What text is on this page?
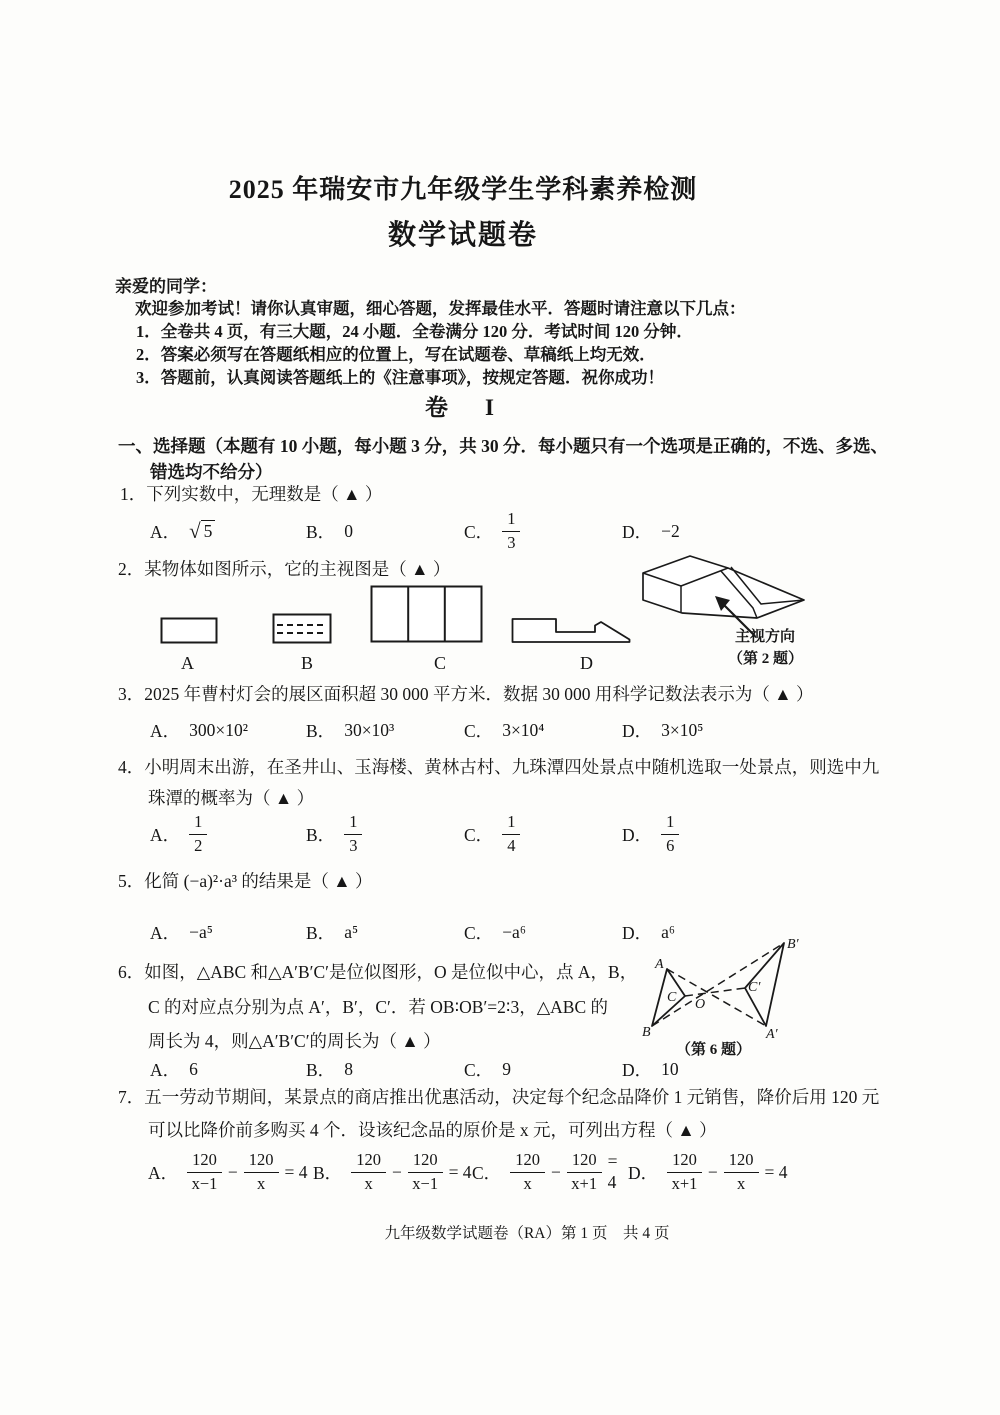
2025 年瑞安市九年级学生学科素养检测
数学试题卷
亲爱的同学：
欢迎参加考试！请你认真审题，细心答题，发挥最佳水平．答题时请注意以下几点：
1．全卷共 4 页，有三大题，24 小题．全卷满分 120 分．考试时间 120 分钟．
2．答案必须写在答题纸相应的位置上，写在试题卷、草稿纸上均无效．
3．答题前，认真阅读答题纸上的《注意事项》，按规定答题．祝你成功！
卷　I
一、选择题（本题有 10 小题，每小题 3 分，共 30 分．每小题只有一个选项是正确的，不选、多选、
错选均不给分）
1．下列实数中，无理数是（ ▲ ）
A． √ 5	B． 0	C． $\frac{1}{3}$	D． −2
2．某物体如图所示，它的主视图是（ ▲ ）
A	B	C	D
主视方向
（第 2 题）
3．2025 年曹村灯会的展区面积超 30 000 平方米．数据 30 000 用科学记数法表示为（ ▲ ）
A． 300×10²	B． 30×10³	C． 3×10⁴	D． 3×10⁵
4．小明周末出游，在圣井山、玉海楼、黄林古村、九珠潭四处景点中随机选取一处景点，则选中九
珠潭的概率为（ ▲ ）
A． $\frac{1}{2}$	B． $\frac{1}{3}$	C． $\frac{1}{4}$	D． $\frac{1}{6}$
5．化简 (−a)²·a³ 的结果是（ ▲ ）
A． −a⁵	B． a⁵	C． −a⁶	D． a⁶
6．如图，△ABC 和△A′B′C′是位似图形，O 是位似中心，点 A，B，
C 的对应点分别为点 A′，B′，C′．若 OB∶OB′=2∶3，△ABC 的
周长为 4，则△A′B′C′的周长为（ ▲ ）
A
B
C O
C′
B′
A′
（第 6 题）
A． 6	B． 8	C． 9	D． 10
7．五一劳动节期间，某景点的商店推出优惠活动，决定每个纪念品降价 1 元销售，降价后用 120 元
可以比降价前多购买 4 个．设该纪念品的原价是 x 元，可列出方程（ ▲ ）
A． $\frac{120}{x-1} - \frac{120}{x} = 4$ B． $\frac{120}{x} - \frac{120}{x-1} = 4$ C． $\frac{120}{x} - \frac{120}{x+1} = 4$ D． $\frac{120}{x+1} - \frac{120}{x} = 4$
九年级数学试题卷（RA）第 1 页　共 4 页
